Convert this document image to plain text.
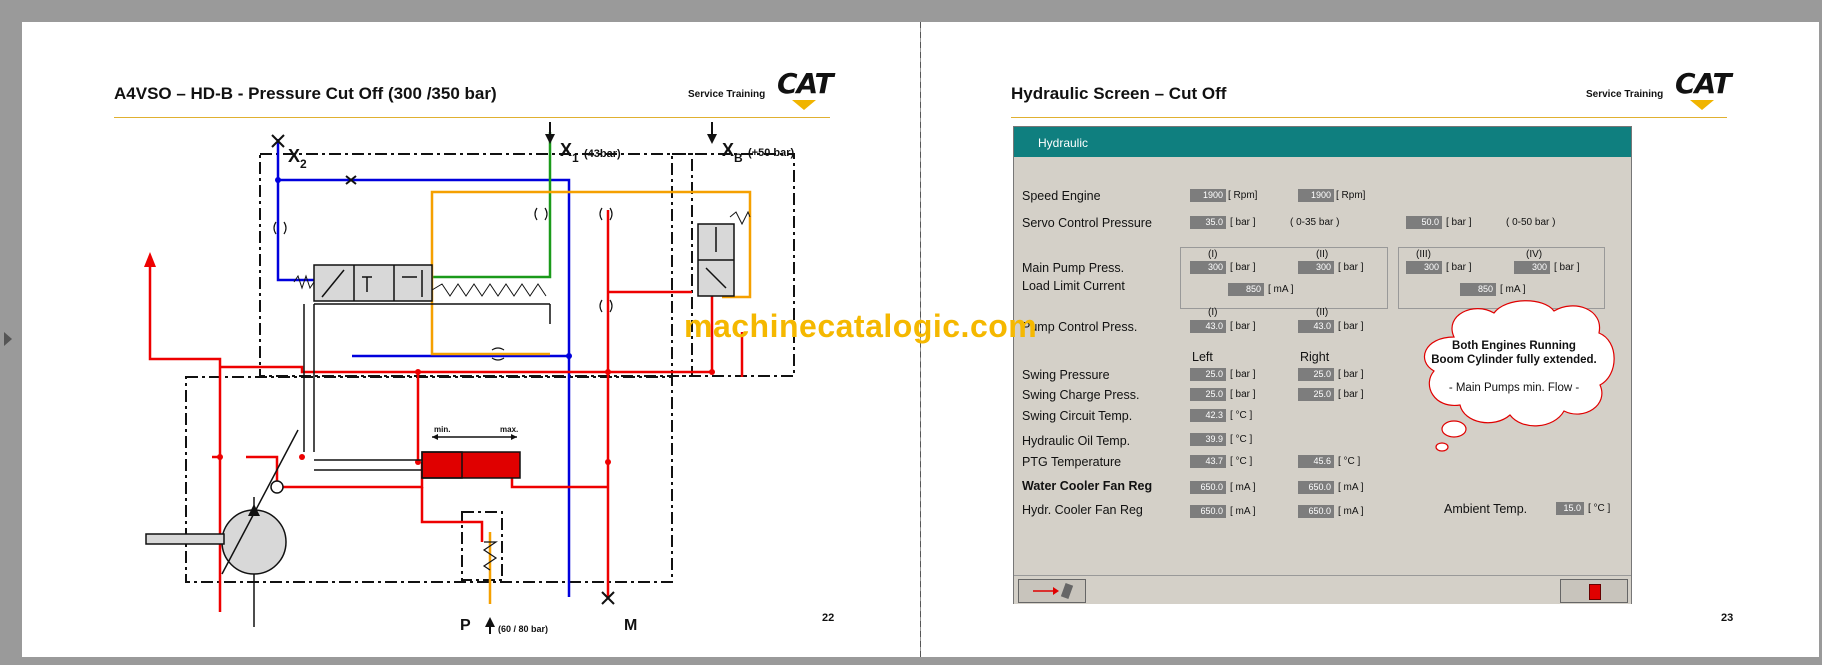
A4VSO – HD-B - Pressure Cut Off (300 /350 bar)	Service Training CAT
min.	max.
$X_2$
$X_1$ (43bar)	$X_B$ (+50 bar)
P	(60 / 80 bar)	M	22
Hydraulic Screen – Cut Off	Service Training CAT
Hydraulic
Speed Engine	1900 [ Rpm]	1900 [ Rpm]
Servo Control Pressure	35.0 [ bar ]	( 0-35 bar )	50.0 [ bar ]	( 0-50 bar )
(I)	(II)	(III)	(IV)
Main Pump Press.	300 [ bar ]	300 [ bar ]	300 [ bar ]	300 [ bar ]
Load Limit Current	850 [ mA ]	850 [ mA ]
(I)	(II)
Pump Control Press.	43.0 [ bar ]	43.0 [ bar ]
Left	Right
Swing Pressure	25.0 [ bar ]	25.0 [ bar ]
Swing Charge Press.	25.0 [ bar ]	25.0 [ bar ]
Swing Circuit Temp.	42.3 [ °C ]
Hydraulic Oil Temp.	39.9 [ °C ]
PTG Temperature	43.7 [ °C ]	45.6 [ °C ]
Water Cooler Fan Reg	650.0 [ mA ]	650.0 [ mA ]
Hydr. Cooler Fan Reg	650.0 [ mA ]	650.0 [ mA ]	Ambient Temp.	15.0 [ °C ]
Both Engines Running
Boom Cylinder fully extended.
- Main Pumps min. Flow -
23
machinecatalogic.com
